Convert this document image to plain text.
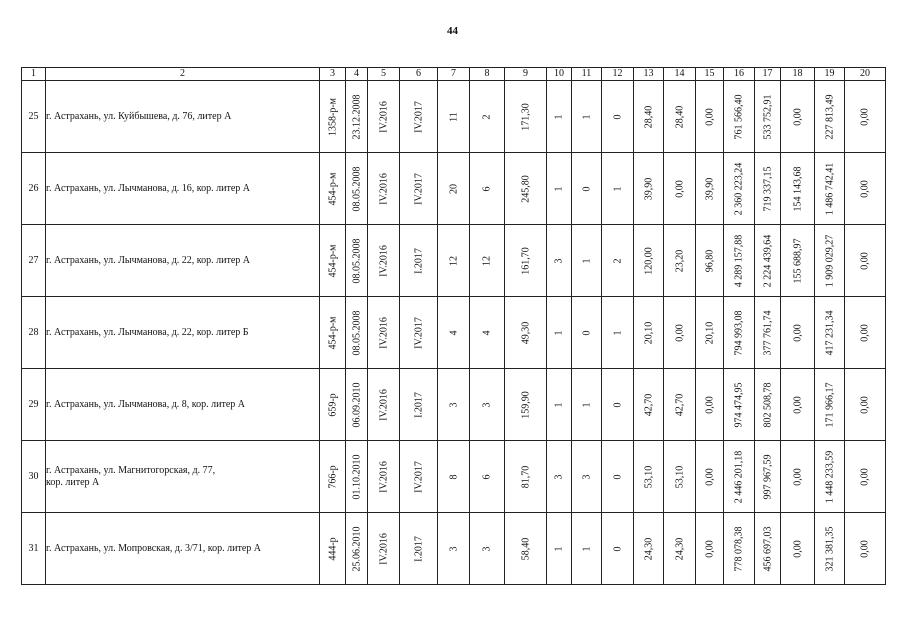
44
1	2	3	4	5	6	7	8	9	10	11	12	13	14	15	16	17	18	19	20
25	г. Астрахань, ул. Куйбышева, д. 76, литер А	1358-р-м	23.12.2008	IV.2016	IV.2017	11	2	171,30	1	1	0	28,40	28,40	0,00	761 566,40	533 752,91	0,00	227 813,49	0,00

26	г. Астрахань, ул. Лычманова, д. 16, кор. литер А	454-р-м	08.05.2008	IV.2016	IV.2017	20	6	245,80	1	0	1	39,90	0,00	39,90	2 360 223,24	719 337,15	154 143,68	1 486 742,41	0,00

27	г. Астрахань, ул. Лычманова, д. 22, кор. литер А	454-р-м	08.05.2008	IV.2016	I.2017	12	12	161,70	3	1	2	120,00	23,20	96,80	4 289 157,88	2 224 439,64	155 688,97	1 909 029,27	0,00

28	г. Астрахань, ул. Лычманова, д. 22, кор. литер Б	454-р-м	08.05.2008	IV.2016	IV.2017	4	4	49,30	1	0	1	20,10	0,00	20,10	794 993,08	377 761,74	0,00	417 231,34	0,00

29	г. Астрахань, ул. Лычманова, д. 8, кор. литер А	659-р	06.09.2010	IV.2016	I.2017	3	3	159,90	1	1	0	42,70	42,70	0,00	974 474,95	802 508,78	0,00	171 966,17	0,00

30	г. Астрахань, ул. Магнитогорская, д. 77,
кор. литер А	766-р	01.10.2010	IV.2016	IV.2017	8	6	81,70	3	3	0	53,10	53,10	0,00	2 446 201,18	997 967,59	0,00	1 448 233,59	0,00

31	г. Астрахань, ул. Мопровская, д. 3/71, кор. литер А	444-р	25.06.2010	IV.2016	I.2017	3	3	58,40	1	1	0	24,30	24,30	0,00	778 078,38	456 697,03	0,00	321 381,35	0,00
